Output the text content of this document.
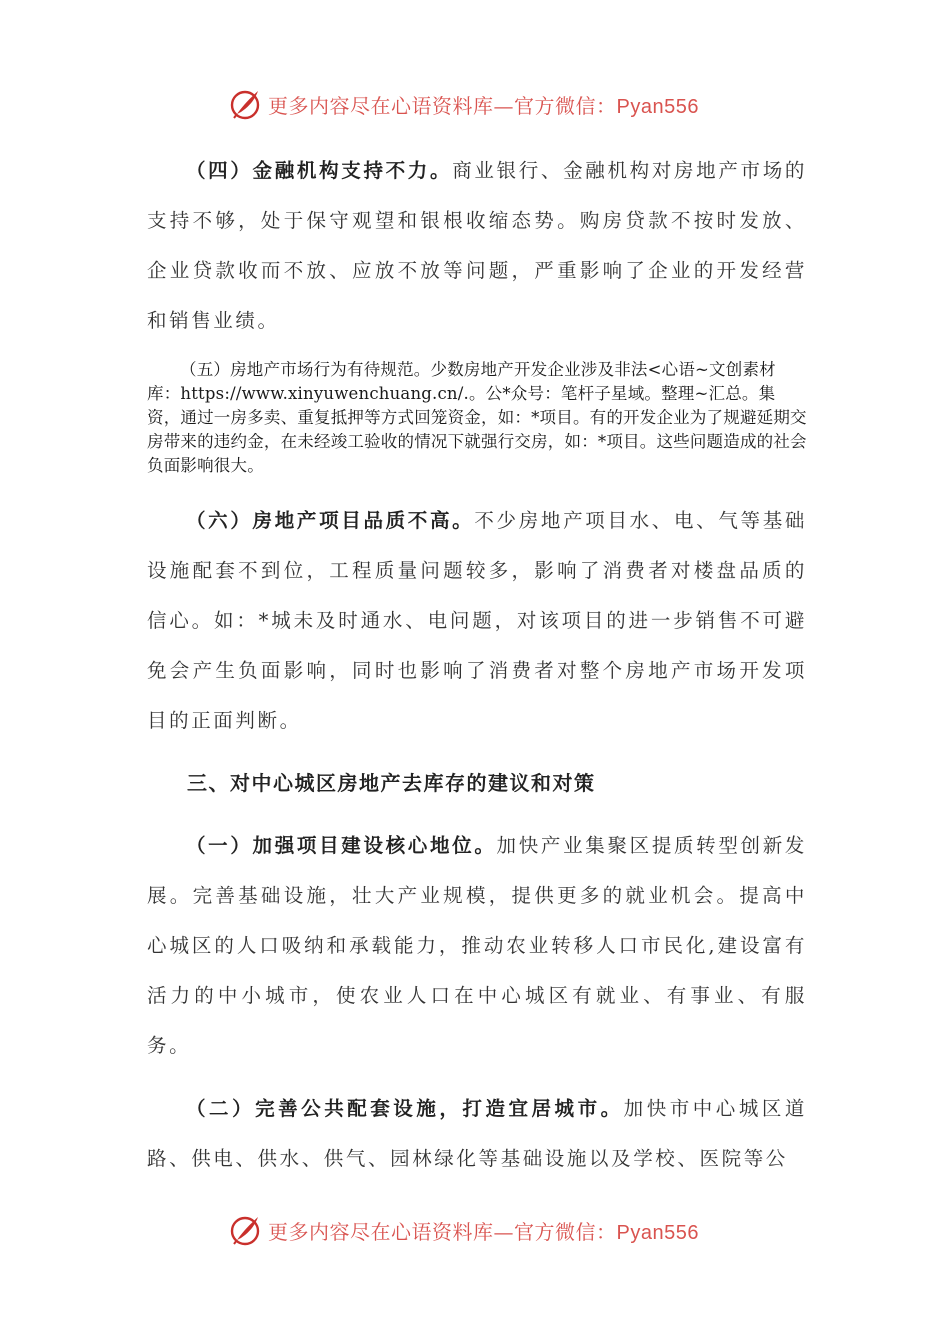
更多内容尽在心语资料库—官方微信：Pyan556

（四）金融机构支持不力。商业银行、金融机构对房地产市场的支持不够，处于保守观望和银根收缩态势。购房贷款不按时发放、企业贷款收而不放、应放不放等问题，严重影响了企业的开发经营和销售业绩。

（五）房地产市场行为有待规范。少数房地产开发企业涉及非法<心语~文创素材库：https://www.xinyuwenchuang.cn/.。公*众号：笔杆子星域。整理~汇总。集资，通过一房多卖、重复抵押等方式回笼资金，如：*项目。有的开发企业为了规避延期交房带来的违约金，在未经竣工验收的情况下就强行交房，如：*项目。这些问题造成的社会负面影响很大。

（六）房地产项目品质不高。不少房地产项目水、电、气等基础设施配套不到位，工程质量问题较多，影响了消费者对楼盘品质的信心。如：*城未及时通水、电问题，对该项目的进一步销售不可避免会产生负面影响，同时也影响了消费者对整个房地产市场开发项目的正面判断。

三、对中心城区房地产去库存的建议和对策

（一）加强项目建设核心地位。加快产业集聚区提质转型创新发展。完善基础设施，壮大产业规模，提供更多的就业机会。提高中心城区的人口吸纳和承载能力，推动农业转移人口市民化,建设富有活力的中小城市，使农业人口在中心城区有就业、有事业、有服务。

（二）完善公共配套设施，打造宜居城市。加快市中心城区道路、供电、供水、供气、园林绿化等基础设施以及学校、医院等公

更多内容尽在心语资料库—官方微信：Pyan556
